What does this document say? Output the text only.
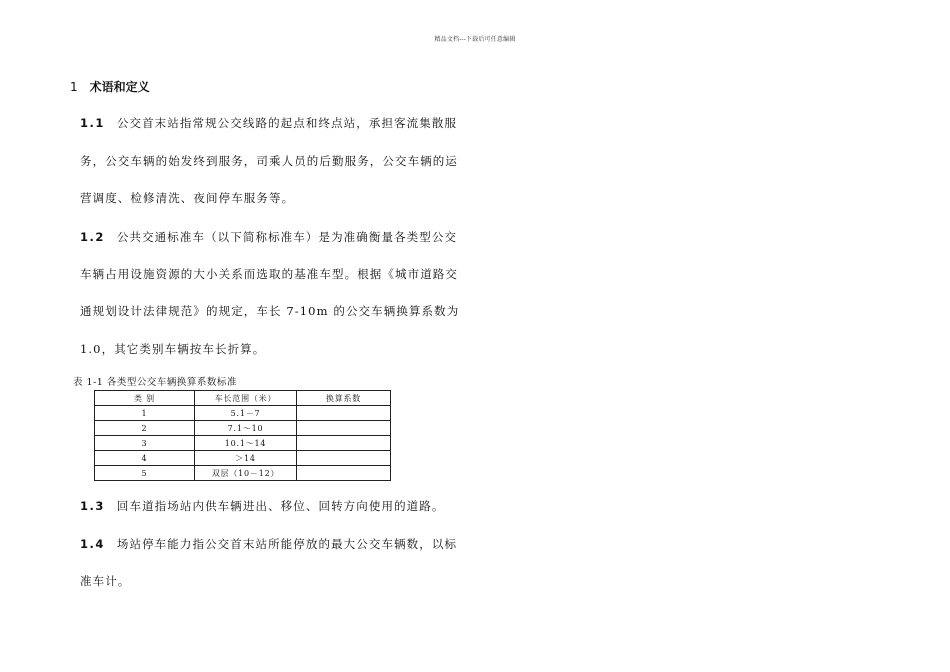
精品文档---下载后可任意编辑
1 术语和定义
1.1 公交首末站指常规公交线路的起点和终点站，承担客流集散服
务，公交车辆的始发终到服务，司乘人员的后勤服务，公交车辆的运
营调度、检修清洗、夜间停车服务等。
1.2 公共交通标准车（以下简称标准车）是为准确衡量各类型公交
车辆占用设施资源的大小关系而选取的基准车型。根据《城市道路交
通规划设计法律规范》的规定，车长 7-10m 的公交车辆换算系数为
1.0，其它类别车辆按车长折算。
表 1-1 各类型公交车辆换算系数标准
类 别	车长范围（米）	换算系数
1	5.1－7	
2	7.1～10	
3	10.1～14	
4	＞14	
5	双层（10－12）	
1.3 回车道指场站内供车辆进出、移位、回转方向使用的道路。
1.4 场站停车能力指公交首末站所能停放的最大公交车辆数，以标
准车计。
